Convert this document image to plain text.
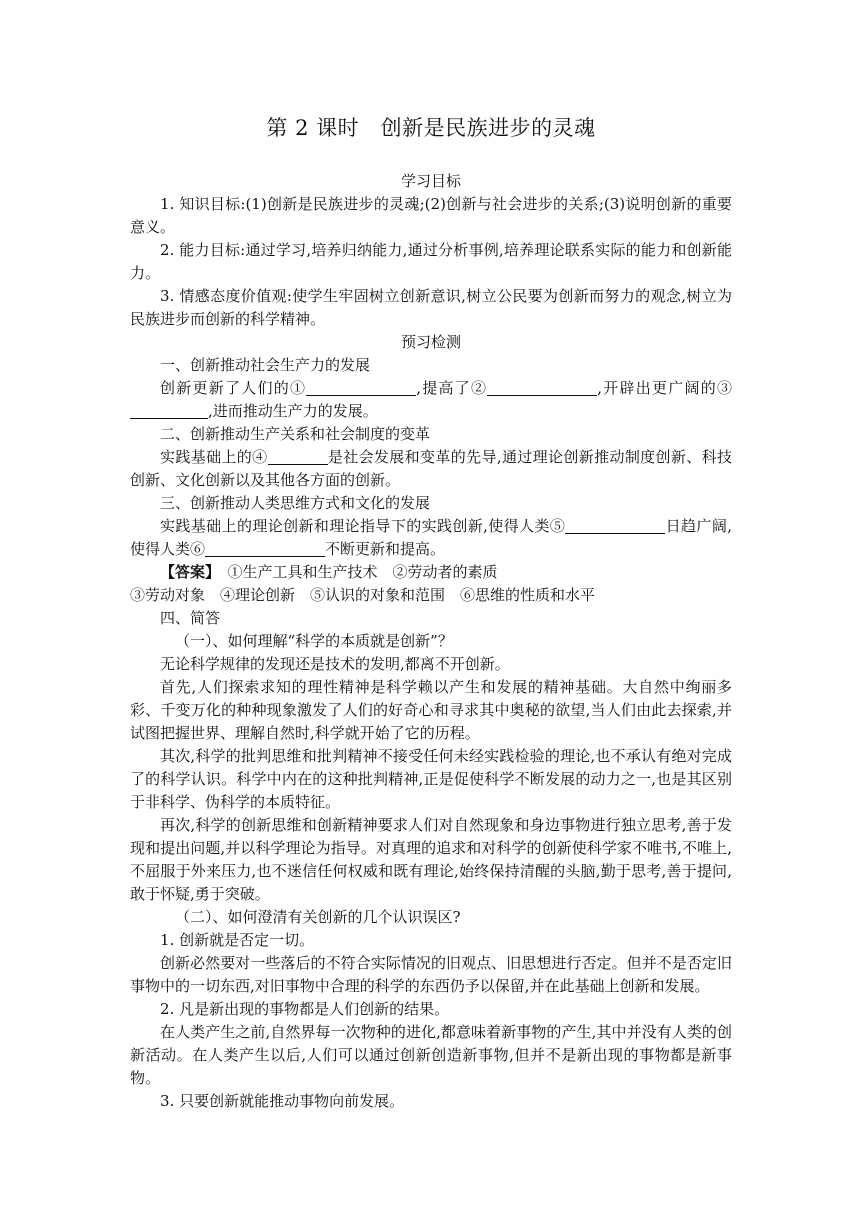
第 2 课时　创新是民族进步的灵魂
学习目标

1. 知识目标:(1)创新是民族进步的灵魂;(2)创新与社会进步的关系;(3)说明创新的重要意义。

2. 能力目标:通过学习,培养归纳能力,通过分析事例,培养理论联系实际的能力和创新能力。

3. 情感态度价值观:使学生牢固树立创新意识,树立公民要为创新而努力的观念,树立为民族进步而创新的科学精神。

预习检测

一、创新推动社会生产力的发展

创新更新了人们的①	,提高了②	,开辟出更广阔的③,进而推动生产力的发展。

二、创新推动生产关系和社会制度的变革

实践基础上的④	是社会发展和变革的先导,通过理论创新推动制度创新、科技创新、文化创新以及其他各方面的创新。

三、创新推动人类思维方式和文化的发展

实践基础上的理论创新和理论指导下的实践创新,使得人类⑤	日趋广阔,使得人类⑥	不断更新和提高。

【答案】　 ①生产工具和生产技术　②劳动者的素质

③劳动对象　④理论创新　⑤认识的对象和范围　⑥思维的性质和水平

四、简答

（一）、如何理解“科学的本质就是创新”？

无论科学规律的发现还是技术的发明,都离不开创新。

首先,人们探索求知的理性精神是科学赖以产生和发展的精神基础。大自然中绚丽多彩、千变万化的种种现象激发了人们的好奇心和寻求其中奥秘的欲望,当人们由此去探索,并试图把握世界、理解自然时,科学就开始了它的历程。

其次,科学的批判思维和批判精神不接受任何未经实践检验的理论,也不承认有绝对完成了的科学认识。科学中内在的这种批判精神,正是促使科学不断发展的动力之一,也是其区别于非科学、伪科学的本质特征。

再次,科学的创新思维和创新精神要求人们对自然现象和身边事物进行独立思考,善于发现和提出问题,并以科学理论为指导。对真理的追求和对科学的创新使科学家不唯书,不唯上,不屈服于外来压力,也不迷信任何权威和既有理论,始终保持清醒的头脑,勤于思考,善于提问,敢于怀疑,勇于突破。

（二）、如何澄清有关创新的几个认识误区?

1. 创新就是否定一切。

创新必然要对一些落后的不符合实际情况的旧观点、旧思想进行否定。但并不是否定旧事物中的一切东西,对旧事物中合理的科学的东西仍予以保留,并在此基础上创新和发展。

2. 凡是新出现的事物都是人们创新的结果。

在人类产生之前,自然界每一次物种的进化,都意味着新事物的产生,其中并没有人类的创新活动。在人类产生以后,人们可以通过创新创造新事物,但并不是新出现的事物都是新事物。

3. 只要创新就能推动事物向前发展。
